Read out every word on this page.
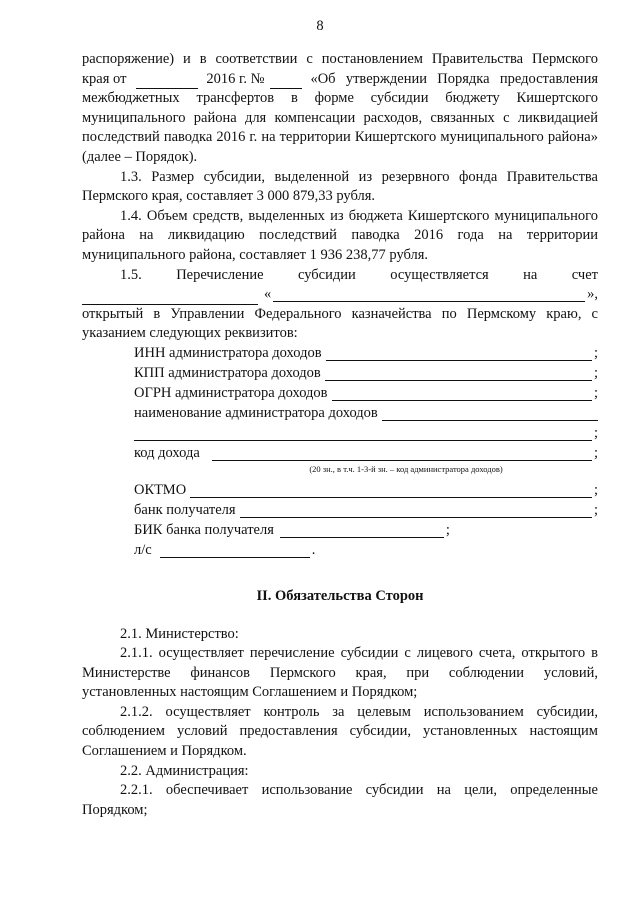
8

распоряжение) и в соответствии с постановлением Правительства Пермского

края от	2016 г. №	«Об утверждении Порядка предоставления

межбюджетных трансфертов в форме субсидии бюджету Кишертского муниципального района для компенсации расходов, связанных с ликвидацией последствий паводка 2016 г. на территории Кишертского муниципального района» (далее – Порядок).

1.3. Размер субсидии, выделенной из резервного фонда Правительства Пермского края, составляет 3 000 879,33 рубля.

1.4. Объем средств, выделенных из бюджета Кишертского муниципального района на ликвидацию последствий паводка 2016 года на территории муниципального района, составляет 1 936 238,77 рубля.

1.5. Перечисление субсидии осуществляется на счет

«	»,

открытый в Управлении Федерального казначейства по Пермскому краю, с указанием следующих реквизитов:

ИНН администратора доходов	;
КПП администратора доходов	;
ОГРН администратора доходов	;
наименование администратора доходов
;
код дохода	;
(20 зн., в т.ч. 1-3-й зн. – код администратора доходов)
ОКТМО	;
банк получателя	;
БИК банка получателя	;
л/с	.
II. Обязательства Сторон

2.1. Министерство:

2.1.1. осуществляет перечисление субсидии с лицевого счета, открытого в Министерстве финансов Пермского края, при соблюдении условий, установленных настоящим Соглашением и Порядком;

2.1.2. осуществляет контроль за целевым использованием субсидии, соблюдением условий предоставления субсидии, установленных настоящим Соглашением и Порядком.

2.2. Администрация:

2.2.1. обеспечивает использование субсидии на цели, определенные Порядком;
